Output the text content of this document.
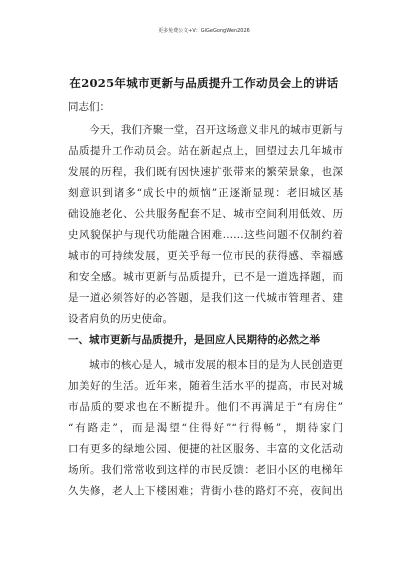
更多免费公文+V：GiGeGongWen2026
在2025年城市更新与品质提升工作动员会上的讲话
同志们：
　　今天，我们齐聚一堂，召开这场意义非凡的城市更新与
品质提升工作动员会。站在新起点上，回望过去几年城市
发展的历程，我们既有因快速扩张带来的繁荣景象，也深
刻意识到诸多“成长中的烦恼”正逐渐显现：老旧城区基
础设施老化、公共服务配套不足、城市空间利用低效、历
史风貌保护与现代功能融合困难……这些问题不仅制约着
城市的可持续发展，更关乎每一位市民的获得感、幸福感
和安全感。城市更新与品质提升，已不是一道选择题，而
是一道必须答好的必答题，是我们这一代城市管理者、建
设者肩负的历史使命。
一、城市更新与品质提升，是回应人民期待的必然之举
　　城市的核心是人，城市发展的根本目的是为人民创造更
加美好的生活。近年来，随着生活水平的提高，市民对城
市品质的要求也在不断提升。他们不再满足于“有房住”
“有路走”，而是渴望“住得好”“行得畅”，期待家门
口有更多的绿地公园、便捷的社区服务、丰富的文化活动
场所。我们常常收到这样的市民反馈：老旧小区的电梯年
久失修，老人上下楼困难；背街小巷的路灯不亮，夜间出
